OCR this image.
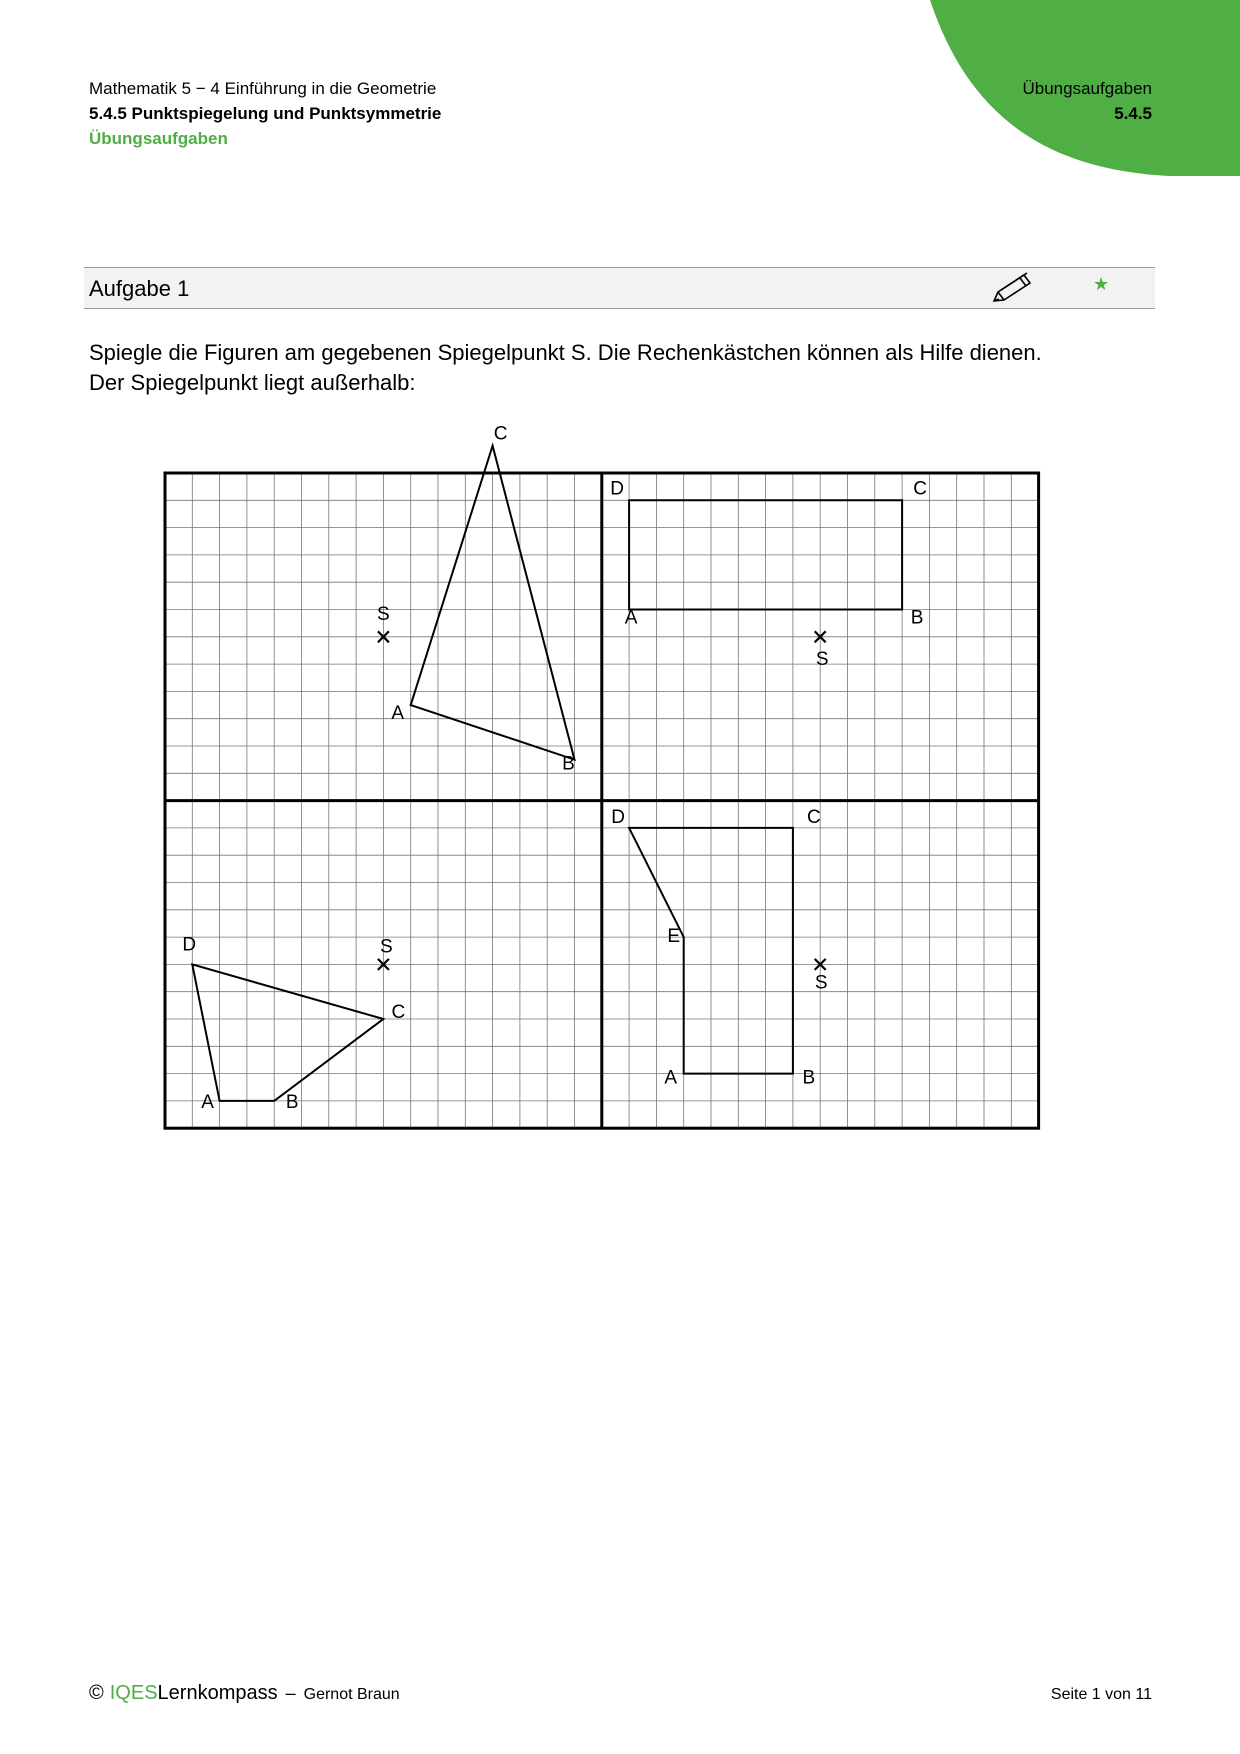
Mathematik 5 − 4 Einführung in die Geometrie
5.4.5 Punktspiegelung und Punktsymmetrie
Übungsaufgaben
Übungsaufgaben
5.4.5
Aufgabe 1	★
Spiegle die Figuren am gegebenen Spiegelpunkt S. Die Rechenkästchen können als Hilfe dienen.
Der Spiegelpunkt liegt außerhalb:
A
B
C
S	A	B
C
D
S
A	B
C
D	S
A	B
C
D
E
S
© IQES Lernkompass – Gernot Braun	Seite 1 von 11
